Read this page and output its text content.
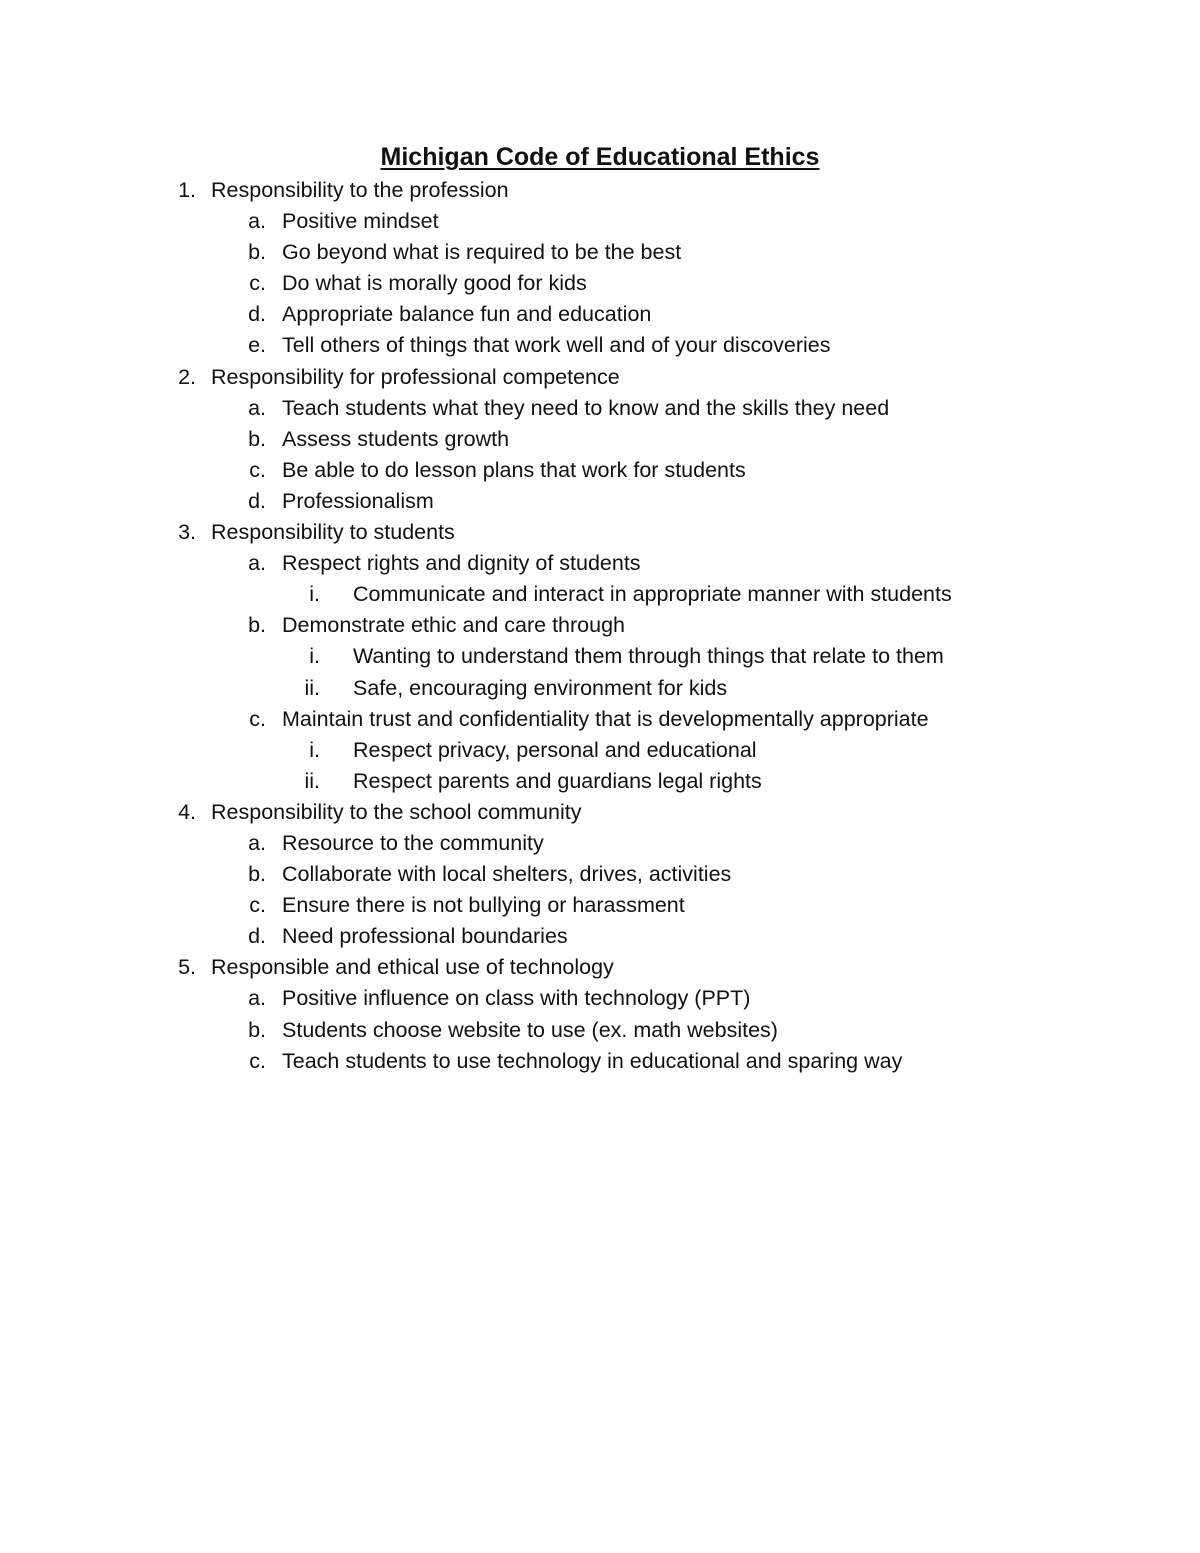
Michigan Code of Educational Ethics
1. Responsibility to the profession
a. Positive mindset
b. Go beyond what is required to be the best
c. Do what is morally good for kids
d. Appropriate balance fun and education
e. Tell others of things that work well and of your discoveries
2. Responsibility for professional competence
a. Teach students what they need to know and the skills they need
b. Assess students growth
c. Be able to do lesson plans that work for students
d. Professionalism
3. Responsibility to students
a. Respect rights and dignity of students
i. Communicate and interact in appropriate manner with students
b. Demonstrate ethic and care through
i. Wanting to understand them through things that relate to them
ii. Safe, encouraging environment for kids
c. Maintain trust and confidentiality that is developmentally appropriate
i. Respect privacy, personal and educational
ii. Respect parents and guardians legal rights
4. Responsibility to the school community
a. Resource to the community
b. Collaborate with local shelters, drives, activities
c. Ensure there is not bullying or harassment
d. Need professional boundaries
5. Responsible and ethical use of technology
a. Positive influence on class with technology (PPT)
b. Students choose website to use (ex. math websites)
c. Teach students to use technology in educational and sparing way
